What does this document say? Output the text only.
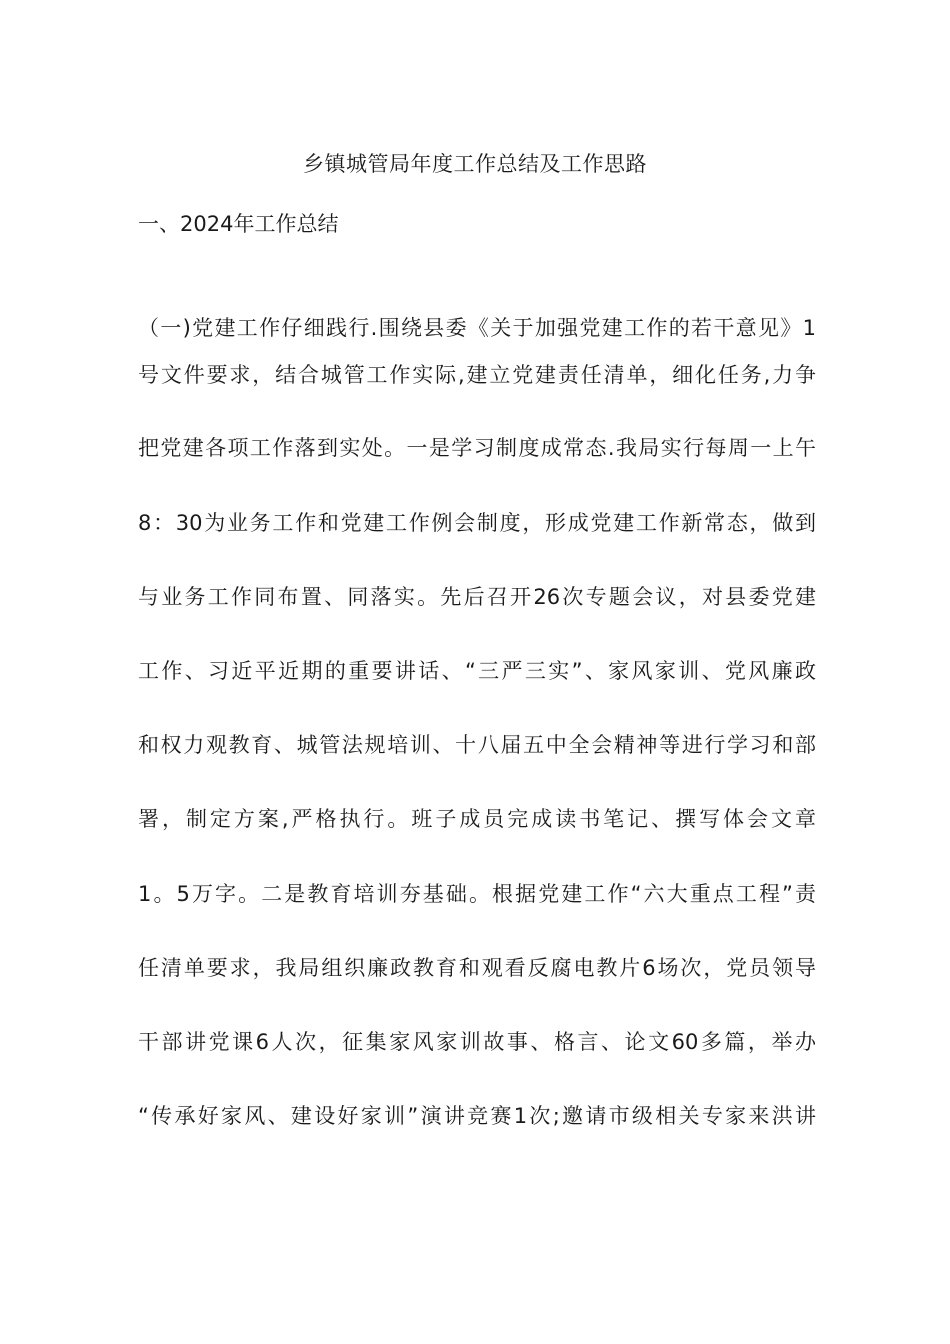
乡镇城管局年度工作总结及工作思路
一、2024年工作总结

（一)党建工作仔细践行.围绕县委《关于加强党建工作的若干意见》1

号文件要求，结合城管工作实际,建立党建责任清单，细化任务,力争

把党建各项工作落到实处。一是学习制度成常态.我局实行每周一上午

8：30为业务工作和党建工作例会制度，形成党建工作新常态，做到

与业务工作同布置、同落实。先后召开26次专题会议，对县委党建

工作、习近平近期的重要讲话、“三严三实”、家风家训、党风廉政

和权力观教育、城管法规培训、十八届五中全会精神等进行学习和部

署，制定方案,严格执行。班子成员完成读书笔记、撰写体会文章

1。5万字。二是教育培训夯基础。根据党建工作“六大重点工程”责

任清单要求，我局组织廉政教育和观看反腐电教片6场次，党员领导

干部讲党课6人次，征集家风家训故事、格言、论文60多篇，举办

“传承好家风、建设好家训”演讲竞赛1次;邀请市级相关专家来洪讲
